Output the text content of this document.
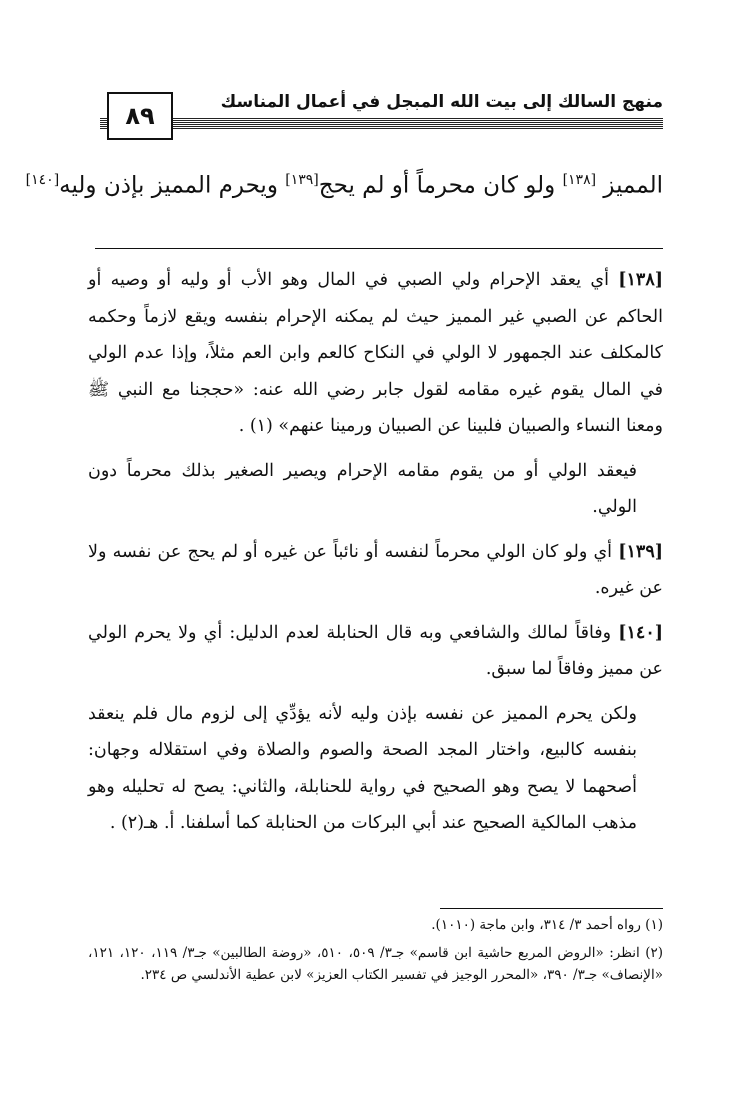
منهج السالك إلى بيت الله المبجل في أعمال المناسك
٨٩
المميز [١٣٨] ولو كان محرماً أو لم يحج[١٣٩] ويحرم المميز بإذن وليه[١٤٠]

[١٣٨] أي يعقد الإحرام ولي الصبي في المال وهو الأب أو وليه أو وصيه أو الحاكم عن الصبي غير المميز حيث لم يمكنه الإحرام بنفسه ويقع لازماً وحكمه كالمكلف عند الجمهور لا الولي في النكاح كالعم وابن العم مثلاً، وإذا عدم الولي في المال يقوم غيره مقامه لقول جابر رضي الله عنه: «حججنا مع النبي ﷺ ومعنا النساء والصبيان فلبينا عن الصبيان ورمينا عنهم» (١) .

فيعقد الولي أو من يقوم مقامه الإحرام ويصير الصغير بذلك محرماً دون الولي.

[١٣٩] أي ولو كان الولي محرماً لنفسه أو نائباً عن غيره أو لم يحج عن نفسه ولا عن غيره.

[١٤٠] وفاقاً لمالك والشافعي وبه قال الحنابلة لعدم الدليل: أي ولا يحرم الولي عن مميز وفاقاً لما سبق.

ولكن يحرم المميز عن نفسه بإذن وليه لأنه يؤدِّي إلى لزوم مال فلم ينعقد بنفسه كالبيع، واختار المجد الصحة والصوم والصلاة وفي استقلاله وجهان: أصحهما لا يصح وهو الصحيح في رواية للحنابلة، والثاني: يصح له تحليله وهو مذهب المالكية الصحيح عند أبي البركات من الحنابلة كما أسلفنا. أ. هـ(٢) .

(١) رواه أحمد ٣/ ٣١٤، وابن ماجة (١٠١٠).

(٢) انظر: «الروض المربع حاشية ابن قاسم» جـ٣/ ٥٠٩، ٥١٠، «روضة الطالبين» جـ٣/ ١١٩، ١٢٠، ١٢١، «الإنصاف» جـ٣/ ٣٩٠، «المحرر الوجيز في تفسير الكتاب العزيز» لابن عطية الأندلسي ص ٢٣٤.
